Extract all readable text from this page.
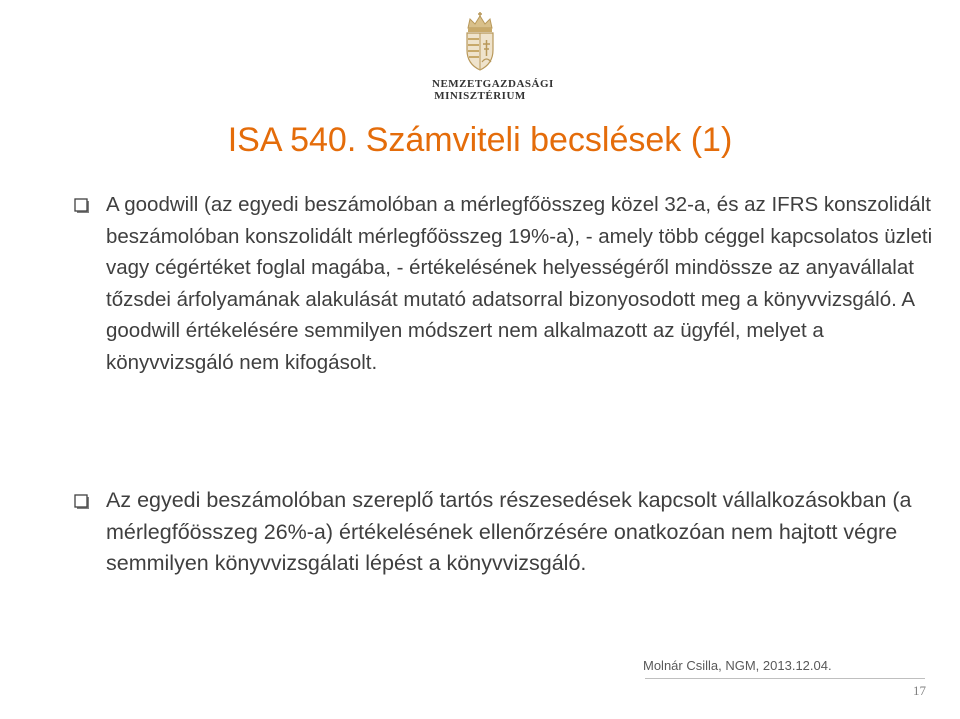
NEMZETGAZDASÁGI
MINISZTÉRIUM
ISA 540. Számviteli becslések (1)
A goodwill (az egyedi beszámolóban a mérlegfőösszeg közel 32-a, és az IFRS konszolidált beszámolóban konszolidált mérlegfőösszeg 19%-a), - amely több céggel kapcsolatos üzleti vagy cégértéket foglal magába, - értékelésének helyességéről mindössze az anyavállalat tőzsdei árfolyamának alakulását mutató adatsorral bizonyosodott meg a könyvvizsgáló. A goodwill értékelésére semmilyen módszert nem alkalmazott az ügyfél, melyet a könyvvizsgáló nem kifogásolt.
Az egyedi beszámolóban szereplő tartós részesedések kapcsolt vállalkozásokban (a mérlegfőösszeg 26%-a) értékelésének ellenőrzésére onatkozóan nem hajtott végre semmilyen könyvvizsgálati lépést a könyvvizsgáló.
Molnár Csilla, NGM, 2013.12.04.
17
